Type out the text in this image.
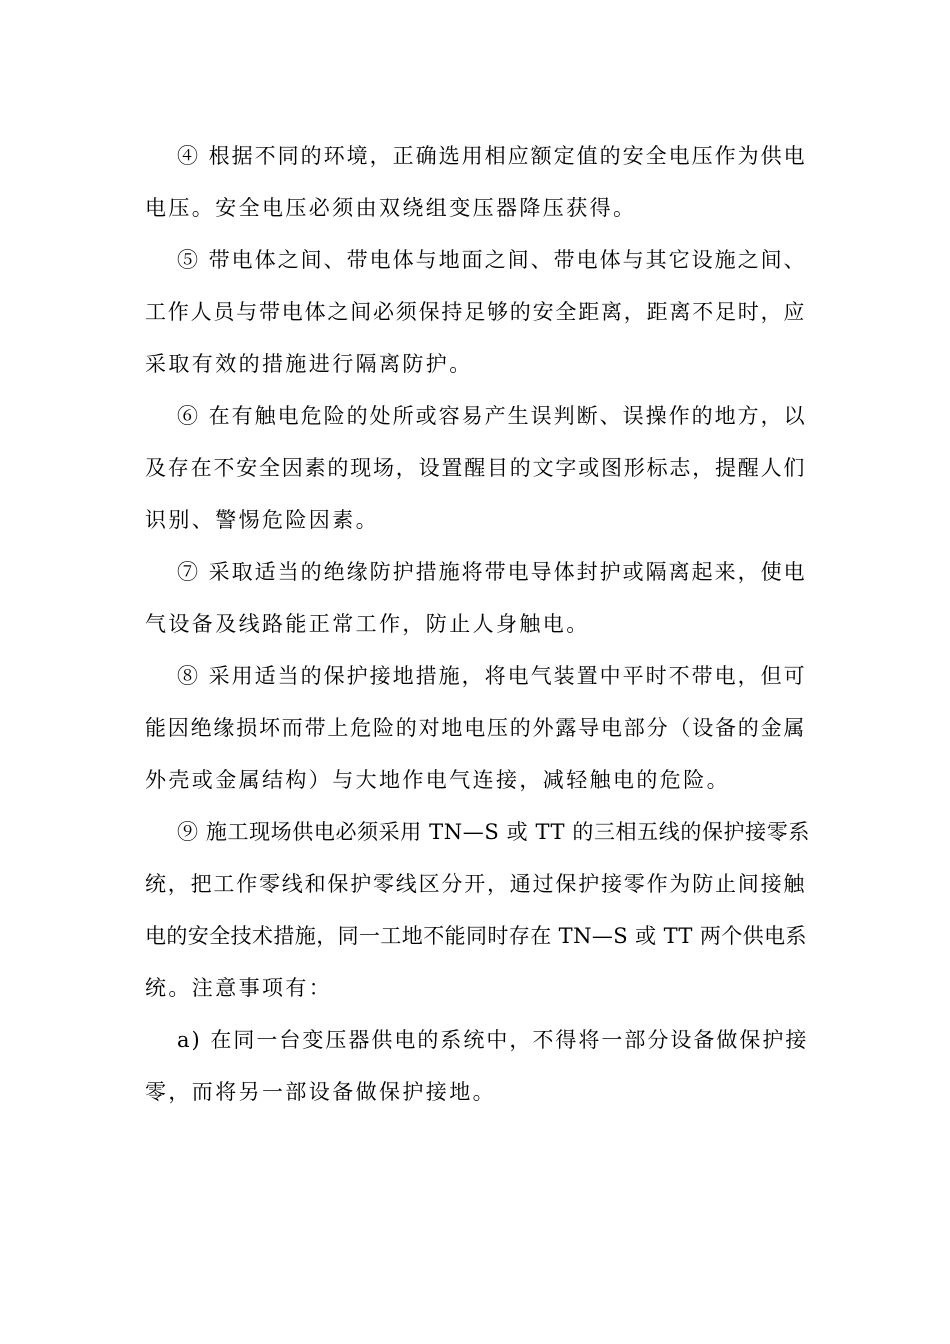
④ 根据不同的环境，正确选用相应额定值的安全电压作为供电
电压。安全电压必须由双绕组变压器降压获得。

⑤ 带电体之间、带电体与地面之间、带电体与其它设施之间、
工作人员与带电体之间必须保持足够的安全距离，距离不足时，应
采取有效的措施进行隔离防护。

⑥ 在有触电危险的处所或容易产生误判断、误操作的地方，以
及存在不安全因素的现场，设置醒目的文字或图形标志，提醒人们
识别、警惕危险因素。

⑦ 采取适当的绝缘防护措施将带电导体封护或隔离起来，使电
气设备及线路能正常工作，防止人身触电。

⑧ 采用适当的保护接地措施，将电气装置中平时不带电，但可
能因绝缘损坏而带上危险的对地电压的外露导电部分（设备的金属
外壳或金属结构）与大地作电气连接，减轻触电的危险。

⑨ 施工现场供电必须采用 TN—S 或 TT 的三相五线的保护接零系
统，把工作零线和保护零线区分开，通过保护接零作为防止间接触
电的安全技术措施，同一工地不能同时存在 TN—S 或 TT 两个供电系
统。注意事项有：

a) 在同一台变压器供电的系统中，不得将一部分设备做保护接
零，而将另一部设备做保护接地。
